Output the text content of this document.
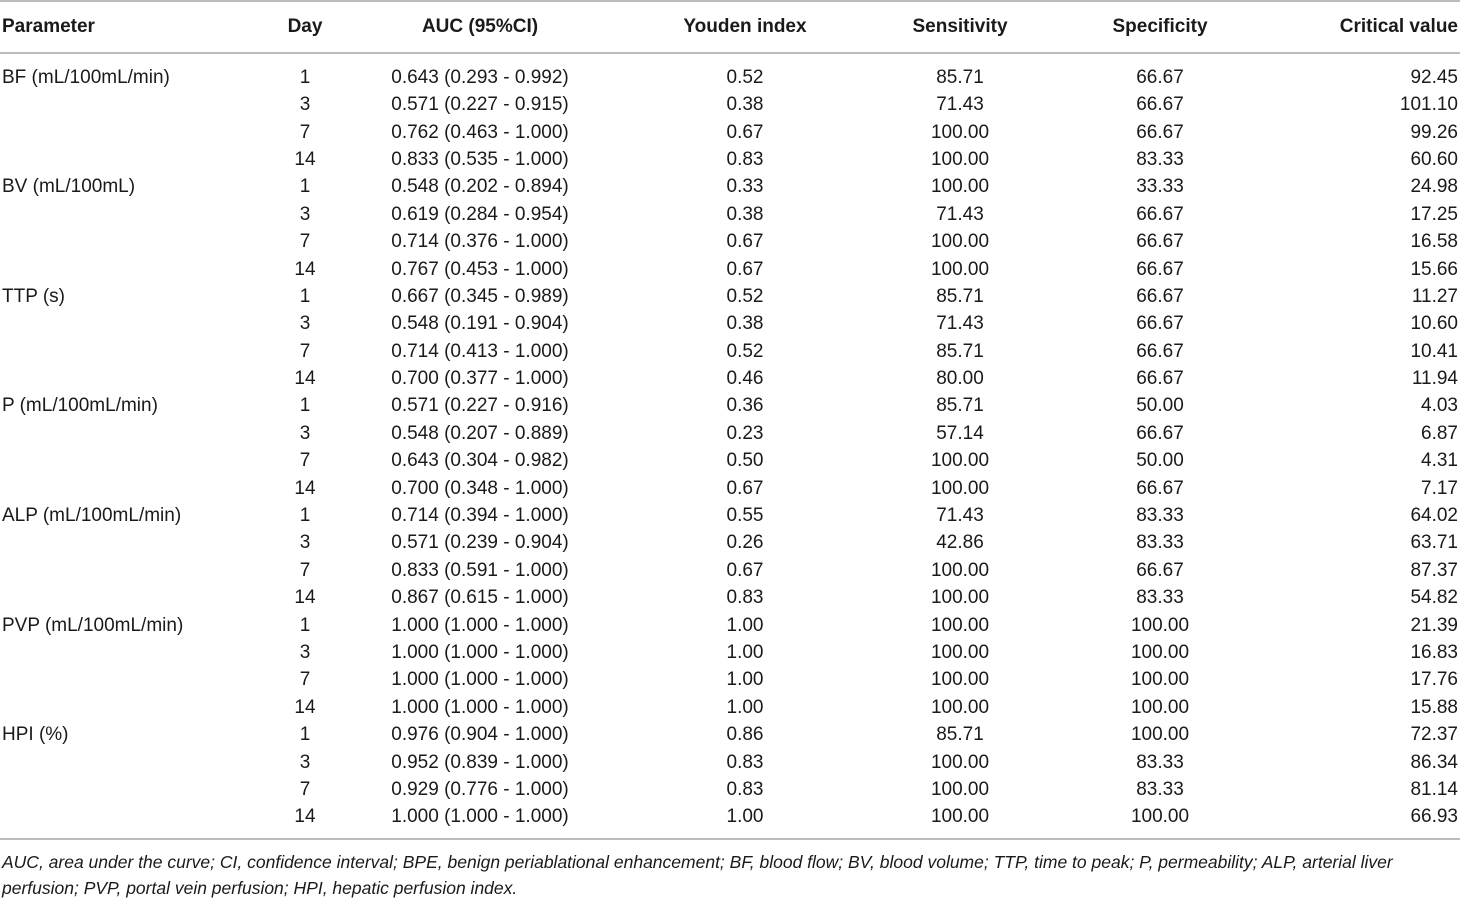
Parameter	Day	AUC (95%CI)	Youden index	Sensitivity	Specificity	Critical value
BF (mL/100mL/min)	1	0.643 (0.293 - 0.992)	0.52	85.71	66.67	92.45
	3	0.571 (0.227 - 0.915)	0.38	71.43	66.67	101.10
	7	0.762 (0.463 - 1.000)	0.67	100.00	66.67	99.26
	14	0.833 (0.535 - 1.000)	0.83	100.00	83.33	60.60
BV (mL/100mL)	1	0.548 (0.202 - 0.894)	0.33	100.00	33.33	24.98
	3	0.619 (0.284 - 0.954)	0.38	71.43	66.67	17.25
	7	0.714 (0.376 - 1.000)	0.67	100.00	66.67	16.58
	14	0.767 (0.453 - 1.000)	0.67	100.00	66.67	15.66
TTP (s)	1	0.667 (0.345 - 0.989)	0.52	85.71	66.67	11.27
	3	0.548 (0.191 - 0.904)	0.38	71.43	66.67	10.60
	7	0.714 (0.413 - 1.000)	0.52	85.71	66.67	10.41
	14	0.700 (0.377 - 1.000)	0.46	80.00	66.67	11.94
P (mL/100mL/min)	1	0.571 (0.227 - 0.916)	0.36	85.71	50.00	4.03
	3	0.548 (0.207 - 0.889)	0.23	57.14	66.67	6.87
	7	0.643 (0.304 - 0.982)	0.50	100.00	50.00	4.31
	14	0.700 (0.348 - 1.000)	0.67	100.00	66.67	7.17
ALP (mL/100mL/min)	1	0.714 (0.394 - 1.000)	0.55	71.43	83.33	64.02
	3	0.571 (0.239 - 0.904)	0.26	42.86	83.33	63.71
	7	0.833 (0.591 - 1.000)	0.67	100.00	66.67	87.37
	14	0.867 (0.615 - 1.000)	0.83	100.00	83.33	54.82
PVP (mL/100mL/min)	1	1.000 (1.000 - 1.000)	1.00	100.00	100.00	21.39
	3	1.000 (1.000 - 1.000)	1.00	100.00	100.00	16.83
	7	1.000 (1.000 - 1.000)	1.00	100.00	100.00	17.76
	14	1.000 (1.000 - 1.000)	1.00	100.00	100.00	15.88
HPI (%)	1	0.976 (0.904 - 1.000)	0.86	85.71	100.00	72.37
	3	0.952 (0.839 - 1.000)	0.83	100.00	83.33	86.34
	7	0.929 (0.776 - 1.000)	0.83	100.00	83.33	81.14
	14	1.000 (1.000 - 1.000)	1.00	100.00	100.00	66.93

AUC, area under the curve; CI, confidence interval; BPE, benign periablational enhancement; BF, blood flow; BV, blood volume; TTP, time to peak; P, permeability; ALP, arterial liver perfusion; PVP, portal vein perfusion; HPI, hepatic perfusion index.
